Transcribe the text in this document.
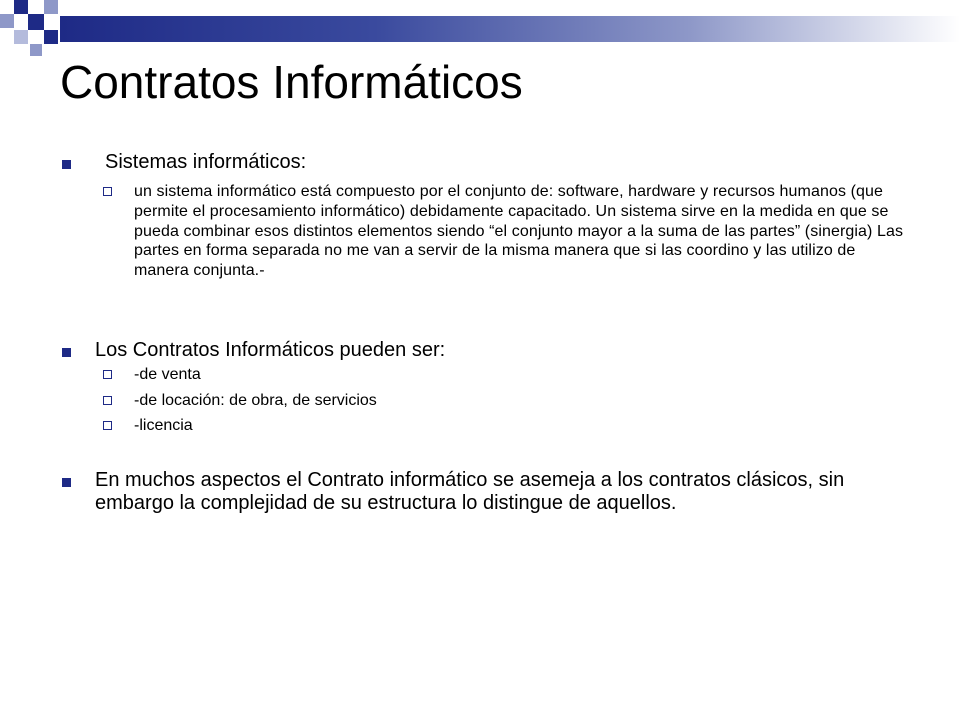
Contratos Informáticos
Sistemas informáticos:
un sistema informático está compuesto por el conjunto de: software, hardware y recursos humanos (que permite el procesamiento informático) debidamente capacitado. Un sistema sirve en la medida en que se pueda combinar esos distintos elementos siendo “el conjunto mayor a la suma de las partes” (sinergia) Las partes en forma separada no me van a servir de la misma manera que si las coordino y las utilizo de manera conjunta.-
Los Contratos Informáticos pueden ser:
-de venta
-de locación: de obra, de servicios
-licencia
En muchos aspectos el Contrato informático se asemeja a los contratos clásicos, sin embargo la complejidad de su estructura lo distingue de aquellos.
